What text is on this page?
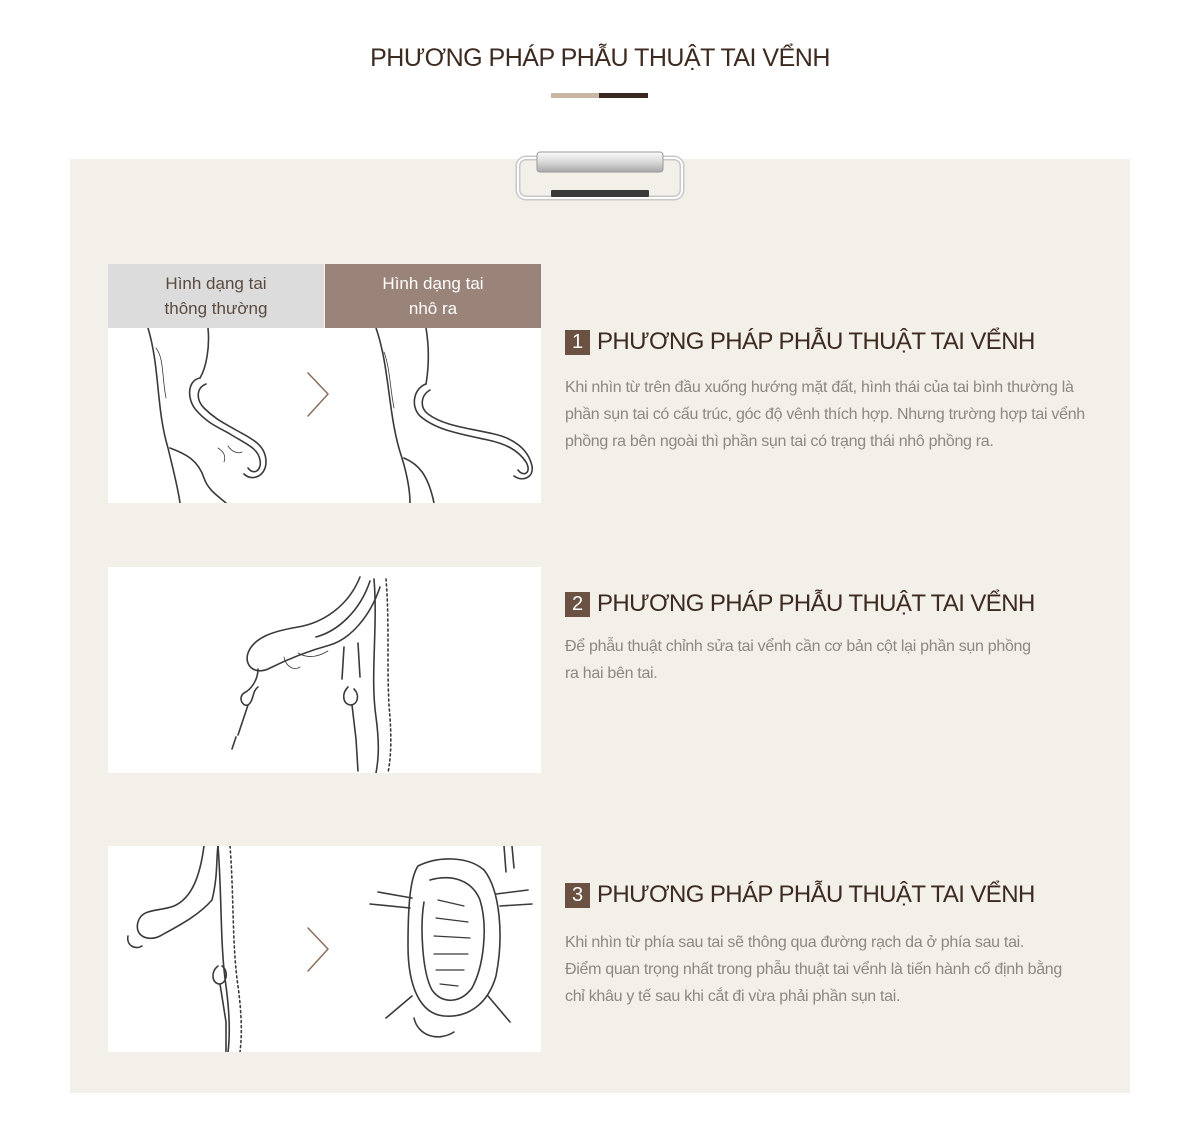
PHƯƠNG PHÁP PHẪU THUẬT TAI VỂNH
Hình dạng tai
thông thường
Hình dạng tai
nhô ra
1 PHƯƠNG PHÁP PHẪU THUẬT TAI VỂNH

Khi nhìn từ trên đầu xuống hướng mặt đất, hình thái của tai bình thường là

phần sụn tai có cấu trúc, góc độ vênh thích hợp. Nhưng trường hợp tai vểnh

phồng ra bên ngoài thì phần sụn tai có trạng thái nhô phồng ra.

2 PHƯƠNG PHÁP PHẪU THUẬT TAI VỂNH

Để phẫu thuật chỉnh sửa tai vểnh cần cơ bản cột lại phần sụn phồng

ra hai bên tai.

3 PHƯƠNG PHÁP PHẪU THUẬT TAI VỂNH

Khi nhìn từ phía sau tai sẽ thông qua đường rạch da ở phía sau tai.

Điểm quan trọng nhất trong phẫu thuật tai vểnh là tiến hành cố định bằng

chỉ khâu y tế sau khi cắt đi vừa phải phần sụn tai.
